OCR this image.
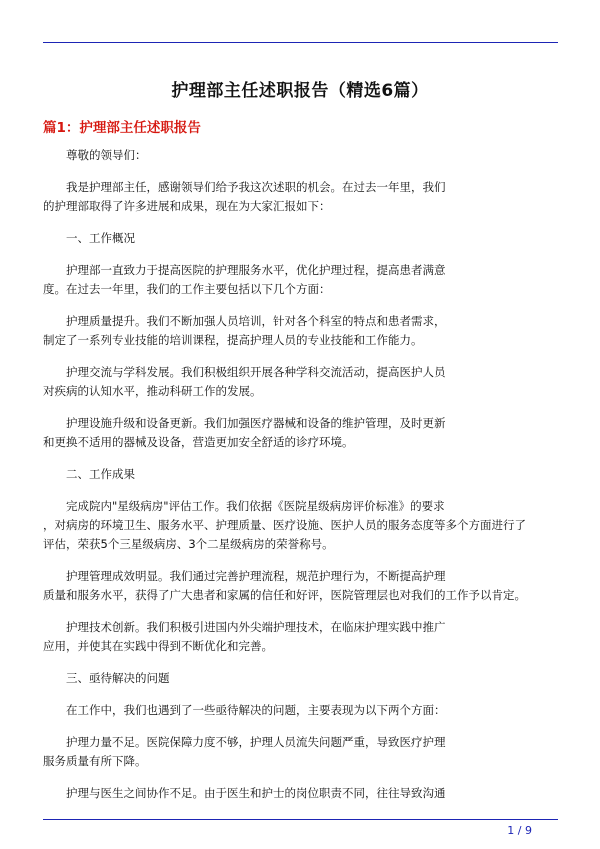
护理部主任述职报告（精选6篇）
篇1：护理部主任述职报告

尊敬的领导们：

我是护理部主任，感谢领导们给予我这次述职的机会。在过去一年里，我们
的护理部取得了许多进展和成果，现在为大家汇报如下：

一、工作概况

护理部一直致力于提高医院的护理服务水平，优化护理过程，提高患者满意
度。在过去一年里，我们的工作主要包括以下几个方面：

护理质量提升。我们不断加强人员培训，针对各个科室的特点和患者需求，
制定了一系列专业技能的培训课程，提高护理人员的专业技能和工作能力。

护理交流与学科发展。我们积极组织开展各种学科交流活动，提高医护人员
对疾病的认知水平，推动科研工作的发展。

护理设施升级和设备更新。我们加强医疗器械和设备的维护管理，及时更新
和更换不适用的器械及设备，营造更加安全舒适的诊疗环境。

二、工作成果

完成院内"星级病房"评估工作。我们依据《医院星级病房评价标准》的要求
，对病房的环境卫生、服务水平、护理质量、医疗设施、医护人员的服务态度等多个方面进行了
评估，荣获5个三星级病房、3个二星级病房的荣誉称号。

护理管理成效明显。我们通过完善护理流程，规范护理行为，不断提高护理
质量和服务水平，获得了广大患者和家属的信任和好评，医院管理层也对我们的工作予以肯定。

护理技术创新。我们积极引进国内外尖端护理技术，在临床护理实践中推广
应用，并使其在实践中得到不断优化和完善。

三、亟待解决的问题

在工作中，我们也遇到了一些亟待解决的问题，主要表现为以下两个方面：

护理力量不足。医院保障力度不够，护理人员流失问题严重，导致医疗护理
服务质量有所下降。

护理与医生之间协作不足。由于医生和护士的岗位职责不同，往往导致沟通

1 / 9
